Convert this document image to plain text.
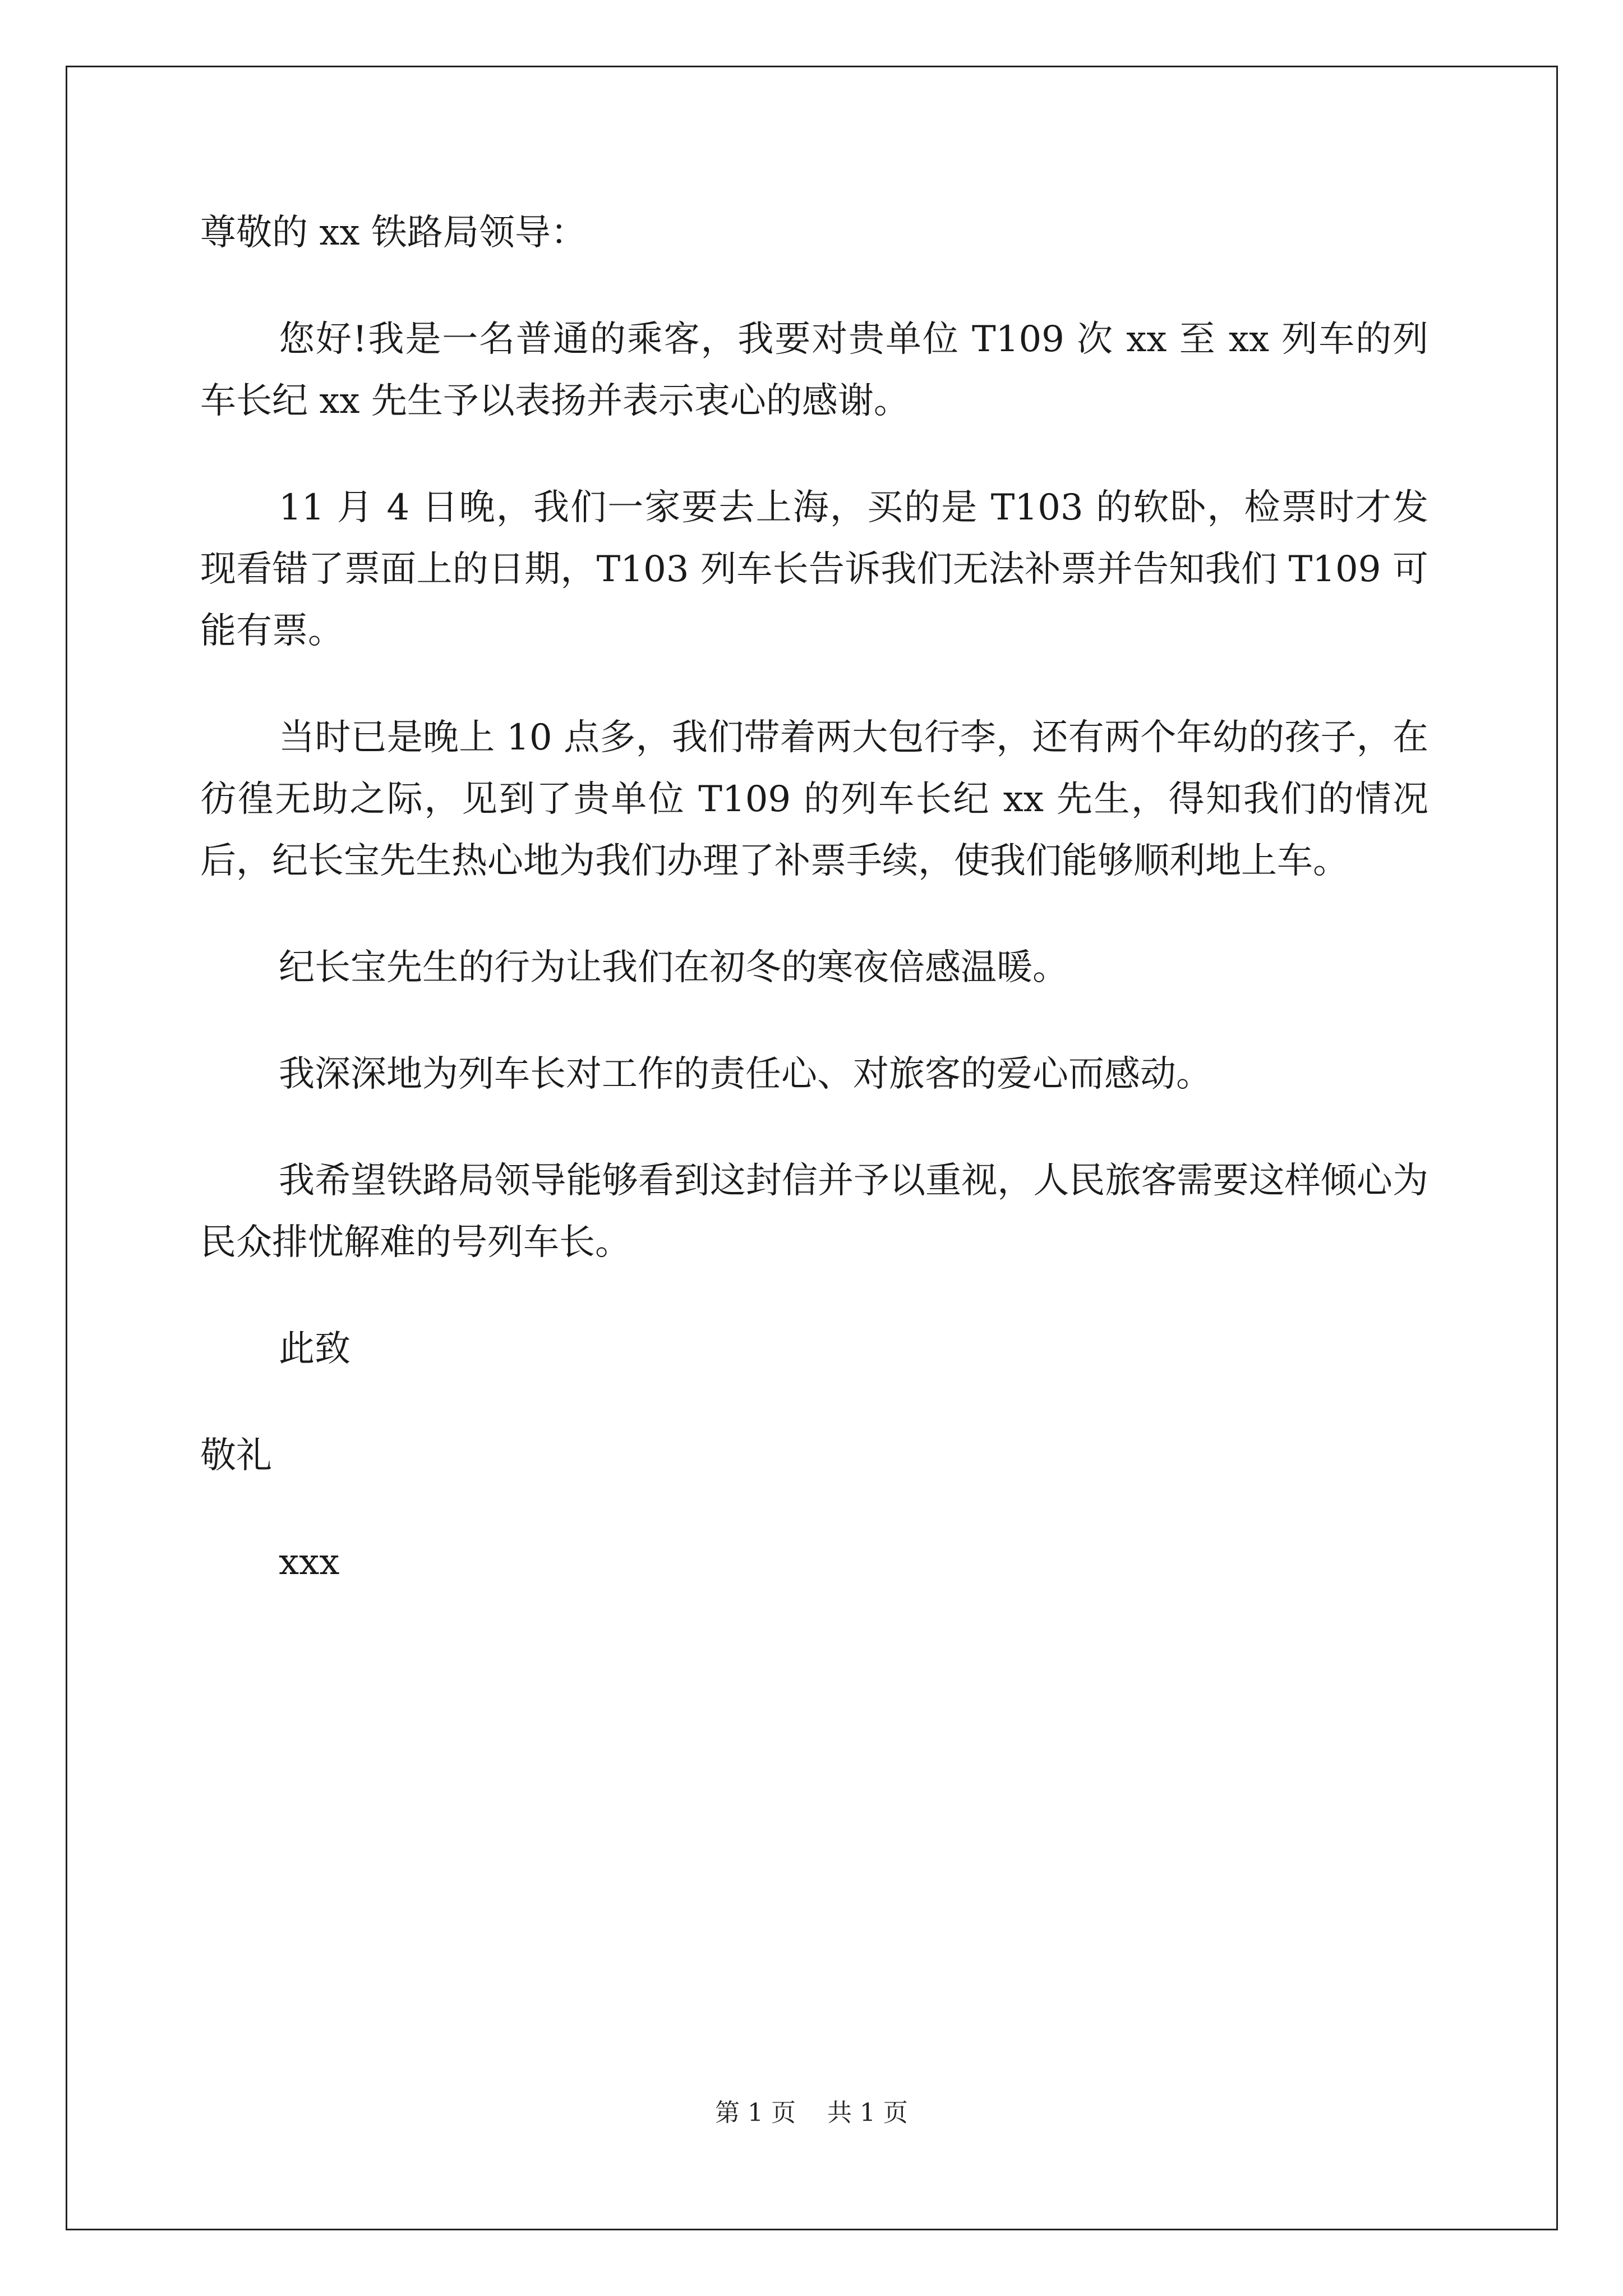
尊敬的 xx 铁路局领导：

您好!我是一名普通的乘客，我要对贵单位 T109 次 xx 至 xx 列车的列车长纪 xx 先生予以表扬并表示衷心的感谢。

11 月 4 日晚，我们一家要去上海，买的是 T103 的软卧，检票时才发现看错了票面上的日期，T103 列车长告诉我们无法补票并告知我们 T109 可能有票。

当时已是晚上 10 点多，我们带着两大包行李，还有两个年幼的孩子，在彷徨无助之际，见到了贵单位 T109 的列车长纪 xx 先生，得知我们的情况后，纪长宝先生热心地为我们办理了补票手续，使我们能够顺利地上车。

纪长宝先生的行为让我们在初冬的寒夜倍感温暖。

我深深地为列车长对工作的责任心、对旅客的爱心而感动。

我希望铁路局领导能够看到这封信并予以重视，人民旅客需要这样倾心为民众排忧解难的号列车长。

此致

敬礼

xxx

第 1 页    共 1 页
